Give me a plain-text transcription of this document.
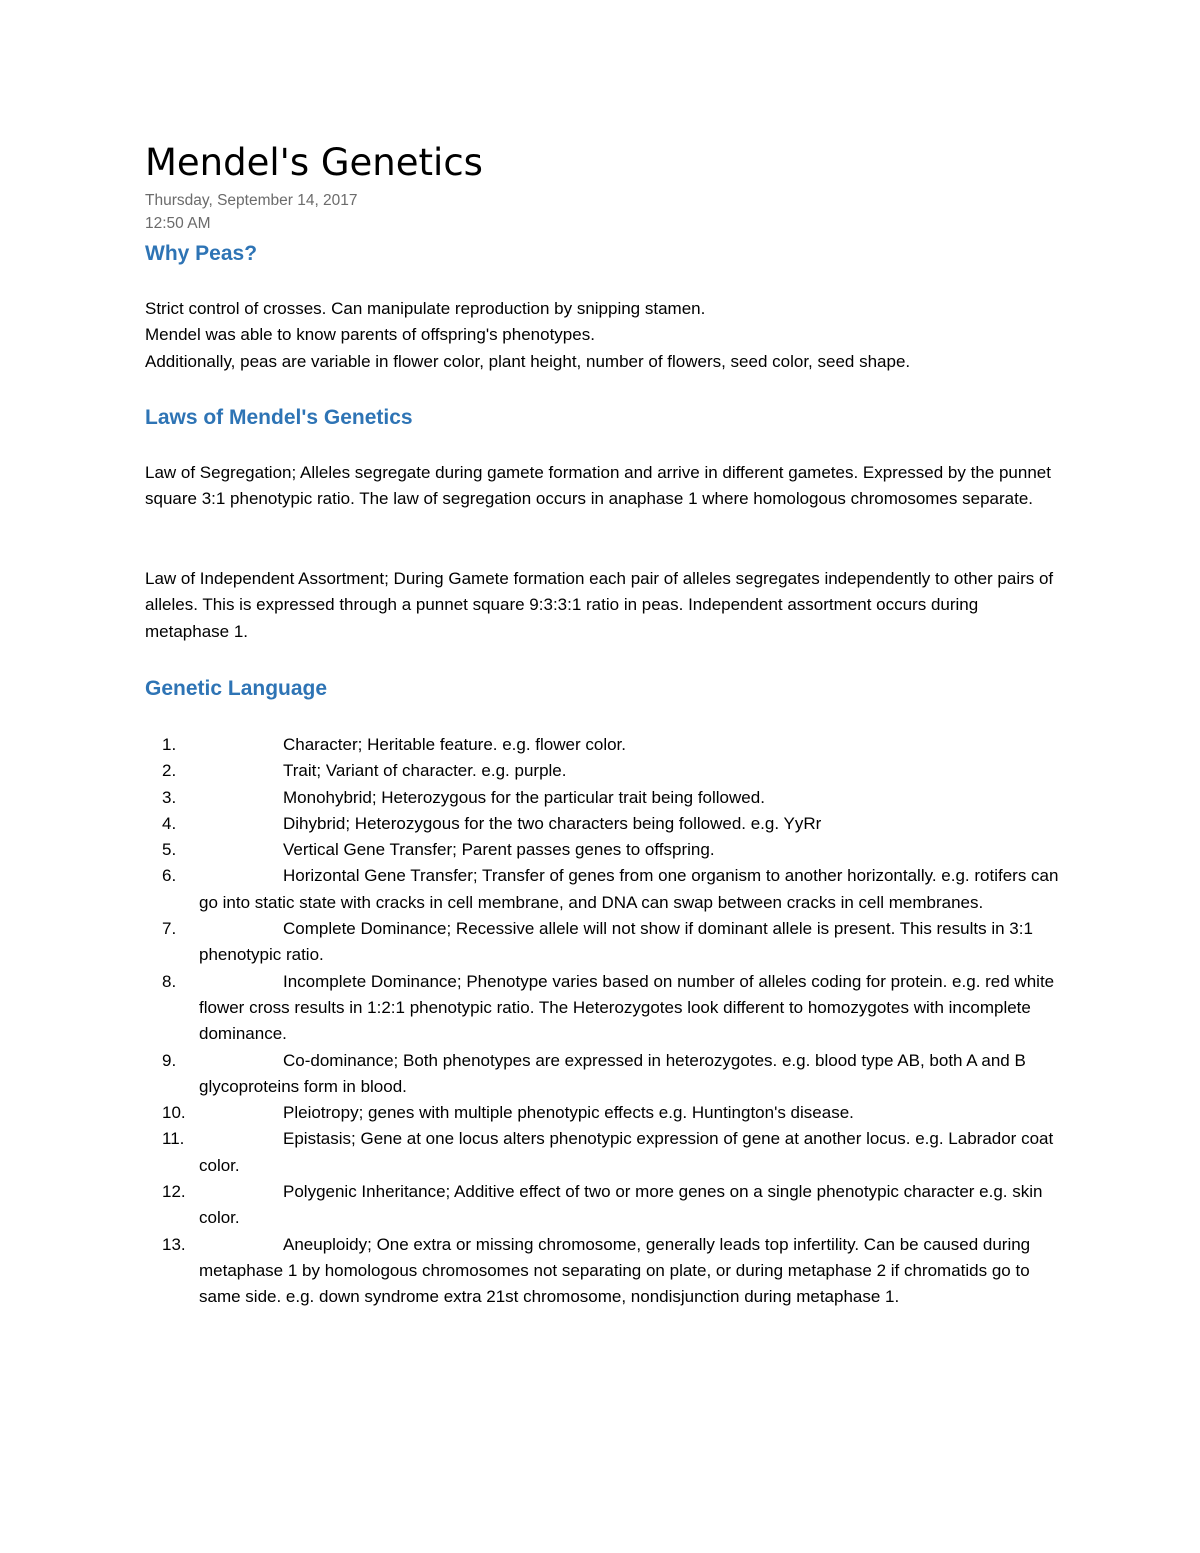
Mendel's Genetics
Thursday, September 14, 2017
12:50 AM
Why Peas?

Strict control of crosses. Can manipulate reproduction by snipping stamen.

Mendel was able to know parents of offspring's phenotypes.

Additionally, peas are variable in flower color, plant height, number of flowers, seed color, seed shape.

Laws of Mendel's Genetics

Law of Segregation; Alleles segregate during gamete formation and arrive in different gametes. Expressed by the punnet square 3:1 phenotypic ratio. The law of segregation occurs in anaphase 1 where homologous chromosomes separate.

Law of Independent Assortment; During Gamete formation each pair of alleles segregates independently to other pairs of alleles. This is expressed through a punnet square 9:3:3:1 ratio in peas. Independent assortment occurs during metaphase 1.

Genetic Language
1.	Character; Heritable feature. e.g. flower color.
2.	Trait; Variant of character. e.g. purple.
3.	Monohybrid; Heterozygous for the particular trait being followed.
4.	Dihybrid; Heterozygous for the two characters being followed. e.g. YyRr
5.	Vertical Gene Transfer; Parent passes genes to offspring.
6.	Horizontal Gene Transfer; Transfer of genes from one organism to another horizontally. e.g. rotifers can go into static state with cracks in cell membrane, and DNA can swap between cracks in cell membranes.
7.	Complete Dominance; Recessive allele will not show if dominant allele is present. This results in 3:1 phenotypic ratio.
8.	Incomplete Dominance; Phenotype varies based on number of alleles coding for protein. e.g. red white flower cross results in 1:2:1 phenotypic ratio. The Heterozygotes look different to homozygotes with incomplete dominance.
9.	Co-dominance; Both phenotypes are expressed in heterozygotes. e.g. blood type AB, both A and B glycoproteins form in blood.
10.	Pleiotropy; genes with multiple phenotypic effects e.g. Huntington's disease.
11.	Epistasis; Gene at one locus alters phenotypic expression of gene at another locus. e.g. Labrador coat color.
12.	Polygenic Inheritance; Additive effect of two or more genes on a single phenotypic character e.g. skin color.
13.	Aneuploidy; One extra or missing chromosome, generally leads top infertility. Can be caused during metaphase 1 by homologous chromosomes not separating on plate, or during metaphase 2 if chromatids go to same side. e.g. down syndrome extra 21st chromosome, nondisjunction during metaphase 1.
